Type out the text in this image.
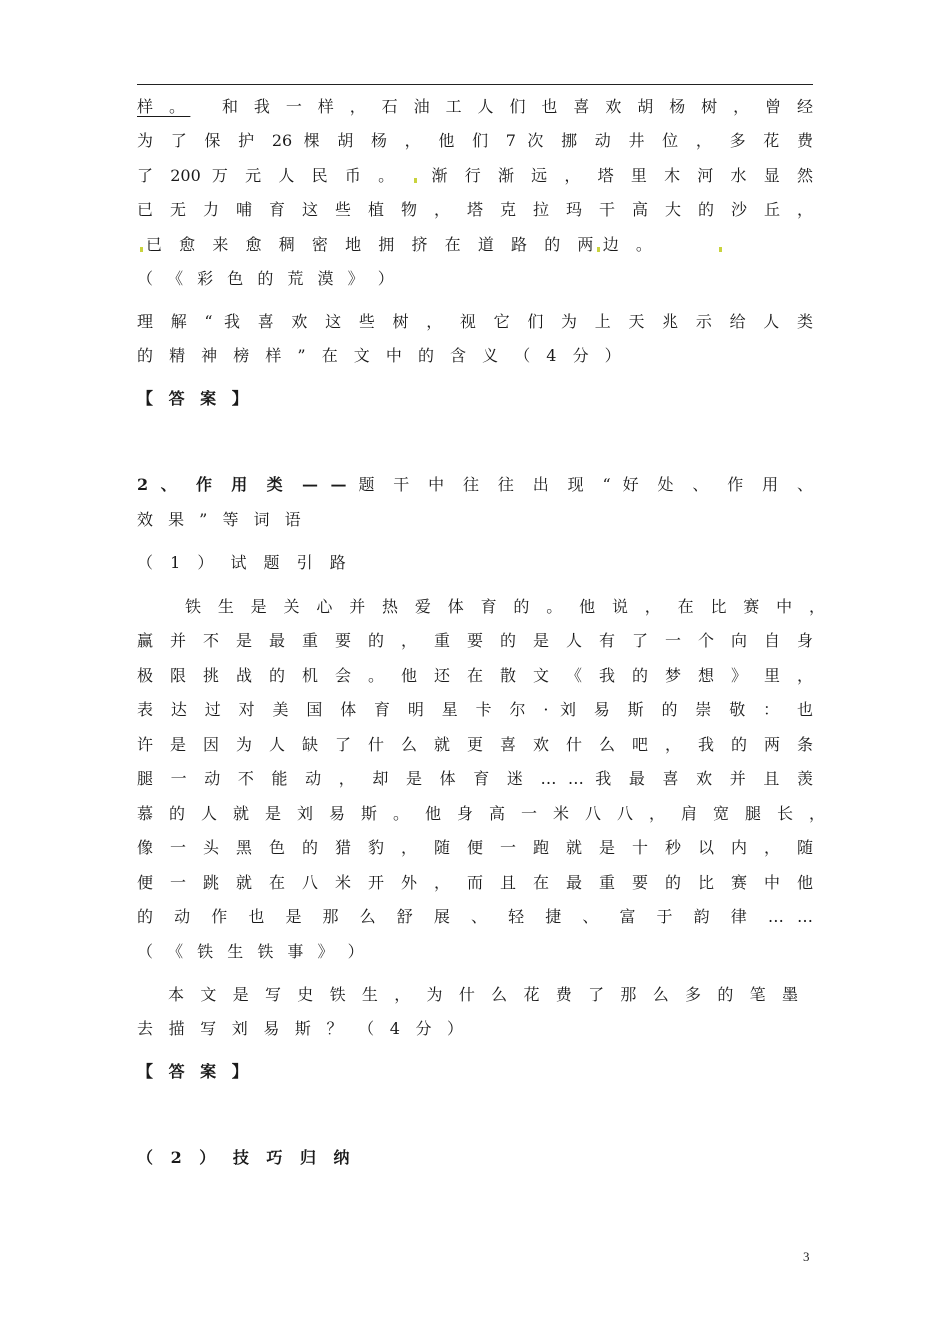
样 。 和 我 一 样 ， 石 油 工 人 们 也 喜 欢 胡 杨 树 ， 曾 经
为 了 保 护 26 棵 胡 杨 ， 他 们 7 次 挪 动 井 位 ， 多 花 费
了 200 万 元 人 民 币 。 渐 行 渐 远 ， 塔 里 木 河 水 显 然
已 无 力 哺 育 这 些 植 物 ， 塔 克 拉 玛 干 高 大 的 沙 丘 ，
已 愈 来 愈 稠 密 地 拥 挤 在 道 路 的 两 边 。
（ 《 彩 色 的 荒 漠 》 ）
理 解 “ 我 喜 欢 这 些 树 ， 视 它 们 为 上 天 兆 示 给 人 类
的 精 神 榜 样 ” 在 文 中 的 含 义 （ 4 分 ）
【 答 案 】
2 、 作 用 类 — — 题 干 中 往 往 出 现 “ 好 处 、 作 用 、
效 果 ” 等 词 语
（ 1 ） 试 题 引 路
铁 生 是 关 心 并 热 爱 体 育 的 。 他 说 ， 在 比 赛 中 ，
赢 并 不 是 最 重 要 的 ， 重 要 的 是 人 有 了 一 个 向 自 身
极 限 挑 战 的 机 会 。 他 还 在 散 文 《 我 的 梦 想 》 里 ，
表 达 过 对 美 国 体 育 明 星 卡 尔 · 刘 易 斯 的 崇 敬 ： 也
许 是 因 为 人 缺 了 什 么 就 更 喜 欢 什 么 吧 ， 我 的 两 条
腿 一 动 不 能 动 ， 却 是 体 育 迷 … … 我 最 喜 欢 并 且 羡
慕 的 人 就 是 刘 易 斯 。 他 身 高 一 米 八 八 ， 肩 宽 腿 长 ，
像 一 头 黑 色 的 猎 豹 ， 随 便 一 跑 就 是 十 秒 以 内 ， 随
便 一 跳 就 在 八 米 开 外 ， 而 且 在 最 重 要 的 比 赛 中 他
的 动 作 也 是 那 么 舒 展 、 轻 捷 、 富 于 韵 律 … …
（ 《 铁 生 铁 事 》 ）
本 文 是 写 史 铁 生 ， 为 什 么 花 费 了 那 么 多 的 笔 墨
去 描 写 刘 易 斯 ？ （ 4 分 ）
【 答 案 】
（ 2 ） 技 巧 归 纳
3
